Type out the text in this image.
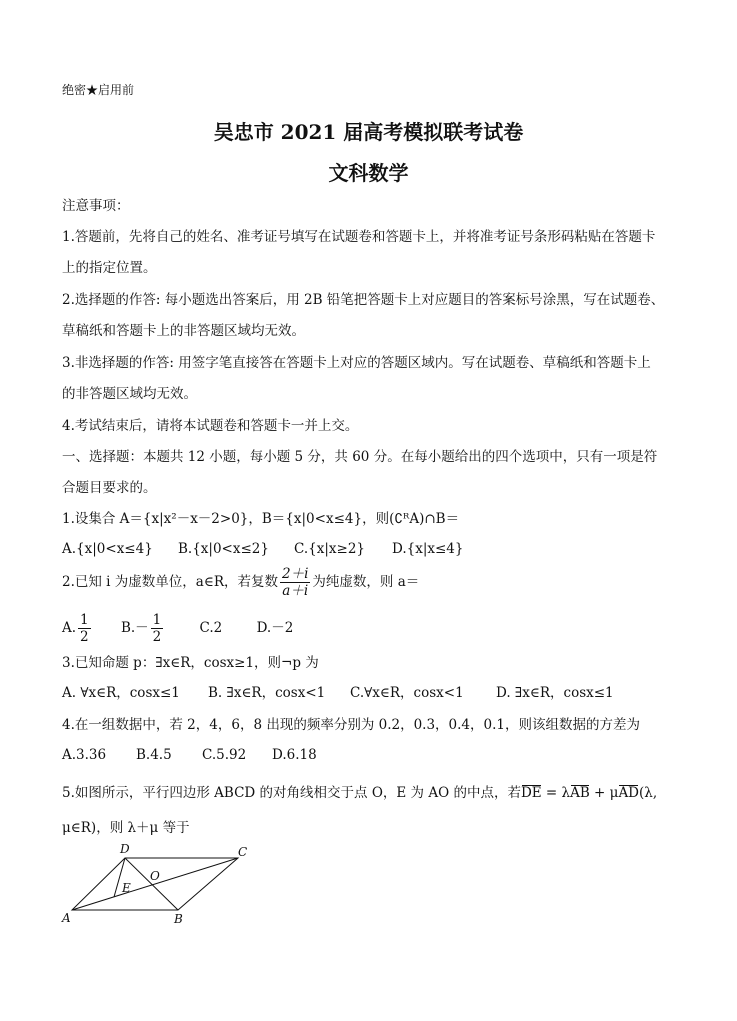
绝密★启用前
吴忠市 2021 届高考模拟联考试卷
文科数学
注意事项：
1.答题前，先将自己的姓名、准考证号填写在试题卷和答题卡上，并将准考证号条形码粘贴在答题卡
上的指定位置。
2.选择题的作答: 每小题选出答案后，用 2B 铅笔把答题卡上对应题目的答案标号涂黑，写在试题卷、
草稿纸和答题卡上的非答题区域均无效。
3.非选择题的作答: 用签字笔直接答在答题卡上对应的答题区域内。写在试题卷、草稿纸和答题卡上
的非答题区域均无效。
4.考试结束后，请将本试题卷和答题卡一并上交。
一、选择题：本题共 12 小题，每小题 5 分，共 60 分。在每小题给出的四个选项中，只有一项是符
合题目要求的。
1.设集合 A＝{x|x²－x－2>0}，B＝{x|0<x≤4}，则(∁ᴿA)∩B＝
A.{x|0<x≤4} B.{x|0<x≤2} C.{x|x≥2} D.{x|x≤4}
2.已知 i 为虚数单位，a∈R，若复数 $\frac{2+i}{a+i}$ 为纯虚数，则 a＝
A. $\frac{1}{2} B.- \frac{1}{2}$	C.2	D.－2
3.已知命题 p：∃x∈R，cosx≥1，则¬p 为
A. ∀x∈R，cosx≤1 B. ∃x∈R，cosx<1 C.∀x∈R，cosx<1 D. ∃x∈R，cosx≤1
4.在一组数据中，若 2，4，6，8 出现的频率分别为 0.2，0.3，0.4，0.1，则该组数据的方差为
A.3.36 B.4.5 C.5.92 D.6.18
5.如图所示，平行四边形 ABCD 的对角线相交于点 O，E 为 AO 的中点，若DE = λAB + μAD(λ,
μ∈R)，则 λ＋μ 等于
A	B
C
D
E
O
